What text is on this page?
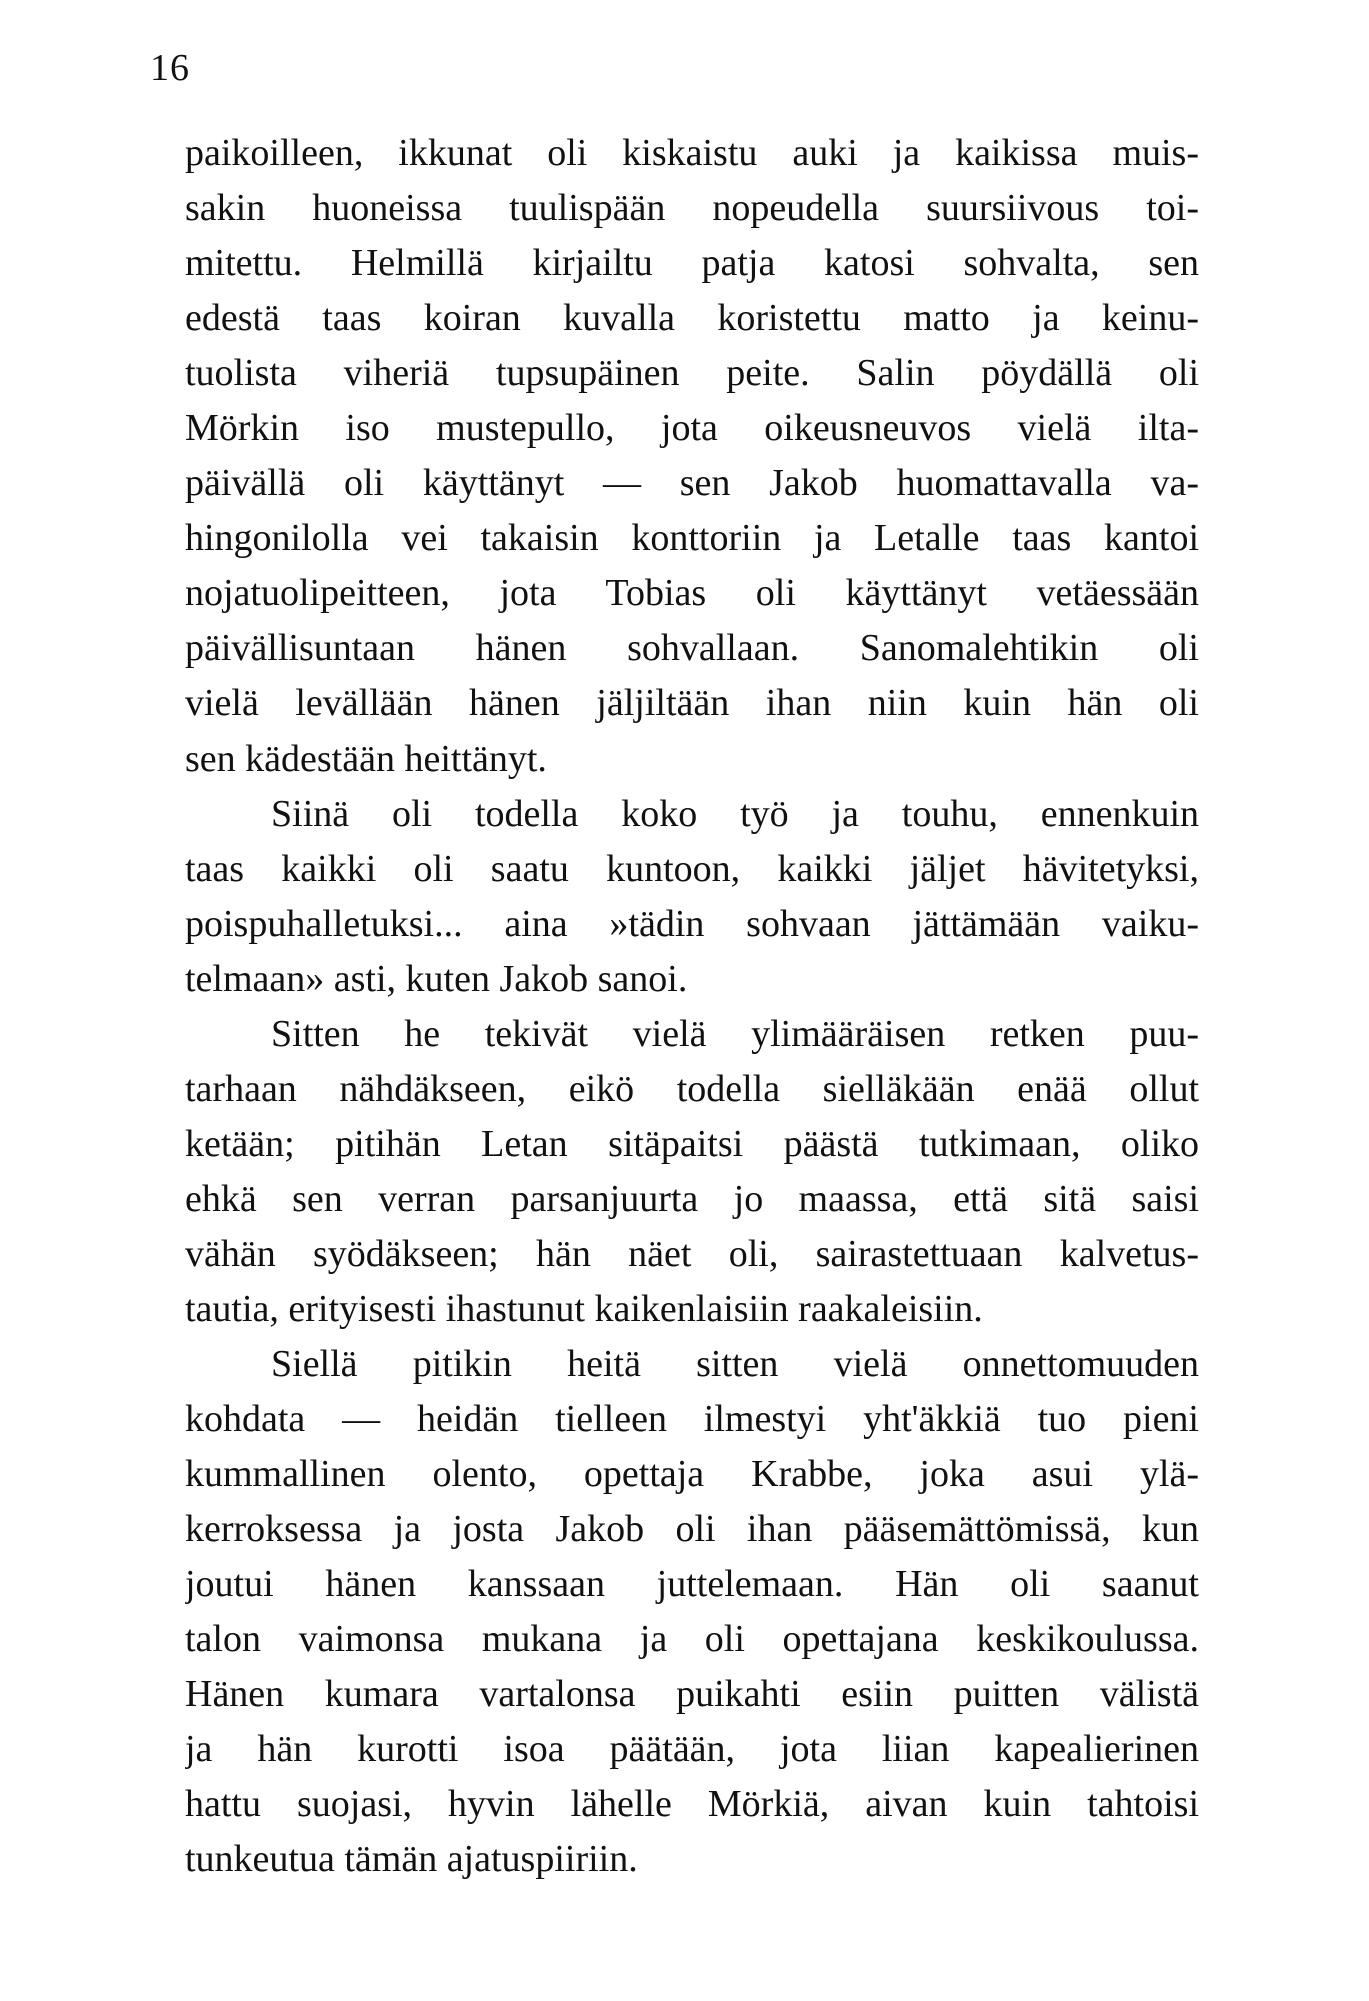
16
paikoilleen, ikkunat oli kiskaistu auki ja kaikissa muis-
sakin huoneissa tuulispään nopeudella suursiivous toi-
mitettu. Helmillä kirjailtu patja katosi sohvalta, sen
edestä taas koiran kuvalla koristettu matto ja keinu-
tuolista viheriä tupsupäinen peite. Salin pöydällä oli
Mörkin iso mustepullo, jota oikeusneuvos vielä ilta-
päivällä oli käyttänyt — sen Jakob huomattavalla va-
hingonilolla vei takaisin konttoriin ja Letalle taas kantoi
nojatuolipeitteen, jota Tobias oli käyttänyt vetäessään
päivällisuntaan hänen sohvallaan. Sanomalehtikin oli
vielä levällään hänen jäljiltään ihan niin kuin hän oli
sen kädestään heittänyt.
Siinä oli todella koko työ ja touhu, ennenkuin
taas kaikki oli saatu kuntoon, kaikki jäljet hävitetyksi,
poispuhalletuksi... aina »tädin sohvaan jättämään vaiku-
telmaan» asti, kuten Jakob sanoi.
Sitten he tekivät vielä ylimääräisen retken puu-
tarhaan nähdäkseen, eikö todella sielläkään enää ollut
ketään; pitihän Letan sitäpaitsi päästä tutkimaan, oliko
ehkä sen verran parsanjuurta jo maassa, että sitä saisi
vähän syödäkseen; hän näet oli, sairastettuaan kalvetus-
tautia, erityisesti ihastunut kaikenlaisiin raakaleisiin.
Siellä pitikin heitä sitten vielä onnettomuuden
kohdata — heidän tielleen ilmestyi yht'äkkiä tuo pieni
kummallinen olento, opettaja Krabbe, joka asui ylä-
kerroksessa ja josta Jakob oli ihan pääsemättömissä, kun
joutui hänen kanssaan juttelemaan. Hän oli saanut
talon vaimonsa mukana ja oli opettajana keskikoulussa.
Hänen kumara vartalonsa puikahti esiin puitten välistä
ja hän kurotti isoa päätään, jota liian kapealierinen
hattu suojasi, hyvin lähelle Mörkiä, aivan kuin tahtoisi
tunkeutua tämän ajatuspiiriin.
